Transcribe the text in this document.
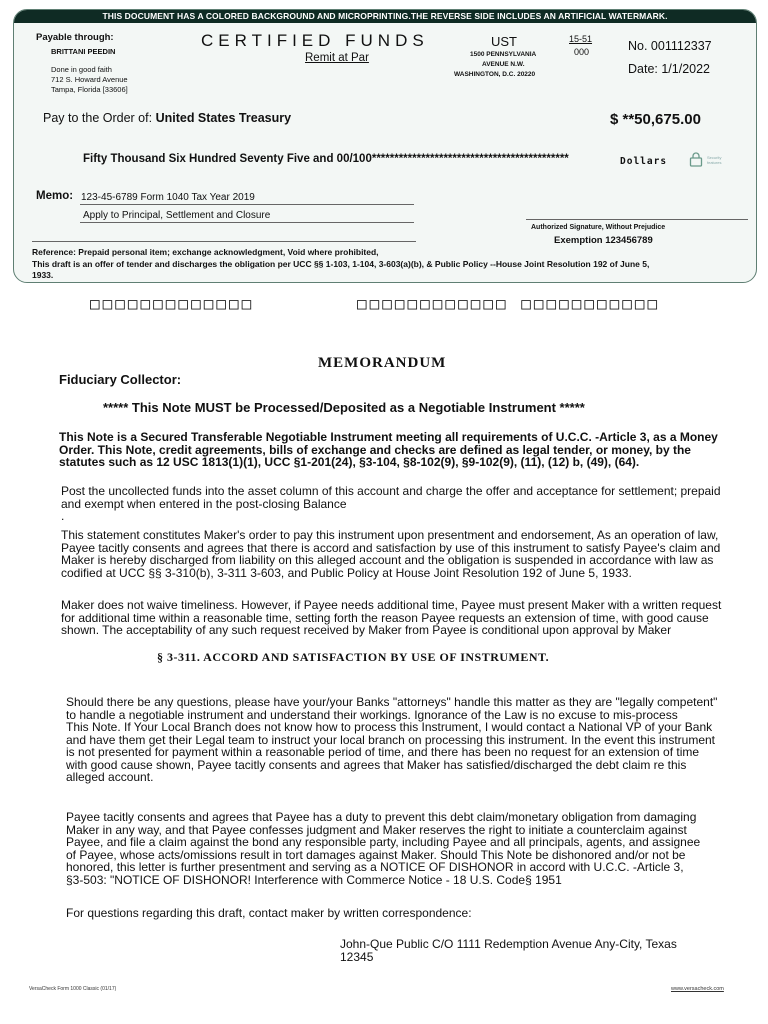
THIS DOCUMENT HAS A COLORED BACKGROUND AND MICROPRINTING.THE REVERSE SIDE INCLUDES AN ARTIFICIAL WATERMARK.
Payable through:
BRITTANI PEEDIN
Done in good faith
712 S. Howard Avenue
Tampa, Florida [33606]
CERTIFIED FUNDS
Remit at Par
UST
1500 PENNSYLVANIA
AVENUE N.W.
WASHINGTON, D.C. 20220
15-51
000	No. 001112337
Date: 1/1/2022
Pay to the Order of: United States Treasury	$ **50,675.00
Fifty Thousand Six Hundred Seventy Five and 00/100********************************************	Dollars	Security features
Memo: 123-45-6789 Form 1040 Tax Year 2019
Apply to Principal, Settlement and Closure
Authorized Signature, Without Prejudice
Exemption 123456789
Reference: Prepaid personal item; exchange acknowledgment, Void where prohibited,
This draft is an offer of tender and discharges the obligation per UCC §§ 1-103, 1-104, 3-603(a)(b), & Public Policy --House Joint Resolution 192 of June 5,
1933.
□□□□□□□□□□□□□	□□□□□□□□□□□□ □□□□□□□□□□□
MEMORANDUM
Fiduciary Collector:
***** This Note MUST be Processed/Deposited as a Negotiable Instrument *****
This Note is a Secured Transferable Negotiable Instrument meeting all requirements of U.C.C. -Article 3, as a Money
Order. This Note, credit agreements, bills of exchange and checks are defined as legal tender, or money, by the
statutes such as 12 USC 1813(1)(1), UCC §1-201(24), §3-104, §8-102(9), §9-102(9), (11), (12) b, (49), (64).
Post the uncollected funds into the asset column of this account and charge the offer and acceptance for settlement; prepaid
and exempt when entered in the post-closing Balance
.
This statement constitutes Maker's order to pay this instrument upon presentment and endorsement, As an operation of law,
Payee tacitly consents and agrees that there is accord and satisfaction by use of this instrument to satisfy Payee's claim and
Maker is hereby discharged from liability on this alleged account and the obligation is suspended in accordance with law as
codified at UCC §§ 3-310(b), 3-311 3-603, and Public Policy at House Joint Resolution 192 of June 5, 1933.
Maker does not waive timeliness. However, if Payee needs additional time, Payee must present Maker with a written request
for additional time within a reasonable time, setting forth the reason Payee requests an extension of time, with good cause
shown. The acceptability of any such request received by Maker from Payee is conditional upon approval by Maker
§ 3-311. ACCORD AND SATISFACTION BY USE OF INSTRUMENT.
Should there be any questions, please have your/your Banks "attorneys" handle this matter as they are "legally competent"
to handle a negotiable instrument and understand their workings. Ignorance of the Law is no excuse to mis-process
This Note. If Your Local Branch does not know how to process this Instrument, I would contact a National VP of your Bank
and have them get their Legal team to instruct your local branch on processing this instrument. In the event this instrument
is not presented for payment within a reasonable period of time, and there has been no request for an extension of time
with good cause shown, Payee tacitly consents and agrees that Maker has satisfied/discharged the debt claim re this
alleged account.
Payee tacitly consents and agrees that Payee has a duty to prevent this debt claim/monetary obligation from damaging
Maker in any way, and that Payee confesses judgment and Maker reserves the right to initiate a counterclaim against
Payee, and file a claim against the bond any responsible party, including Payee and all principals, agents, and assignee
of Payee, whose acts/omissions result in tort damages against Maker. Should This Note be dishonored and/or not be
honored, this letter is further presentment and serving as a NOTICE OF DISHONOR in accord with U.C.C. -Article 3,
§3-503: "NOTICE OF DISHONOR! Interference with Commerce Notice - 18 U.S. Code§ 1951
For questions regarding this draft, contact maker by written correspondence:
John-Que Public C/O 1111 Redemption Avenue Any-City, Texas
12345
VersaCheck Form 1000 Classic (01/17)	www.versacheck.com
